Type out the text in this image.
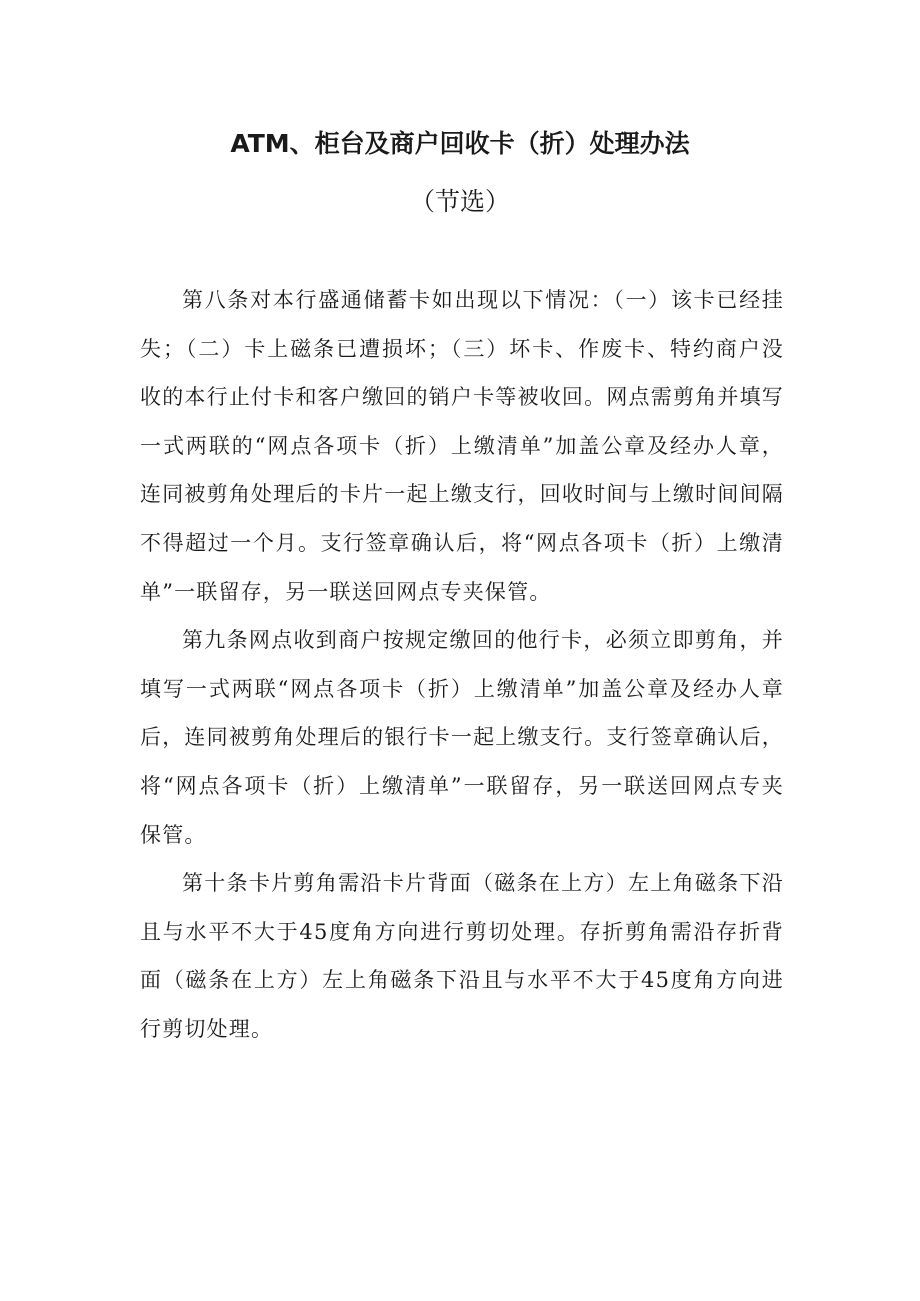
ATM、柜台及商户回收卡（折）处理办法
（节选）

第八条对本行盛通储蓄卡如出现以下情况：（一）该卡已经挂失；（二）卡上磁条已遭损坏；（三）坏卡、作废卡、特约商户没收的本行止付卡和客户缴回的销户卡等被收回。网点需剪角并填写一式两联的“网点各项卡（折）上缴清单”加盖公章及经办人章，连同被剪角处理后的卡片一起上缴支行，回收时间与上缴时间间隔不得超过一个月。支行签章确认后，将“网点各项卡（折）上缴清单”一联留存，另一联送回网点专夹保管。

第九条网点收到商户按规定缴回的他行卡，必须立即剪角，并填写一式两联“网点各项卡（折）上缴清单”加盖公章及经办人章后，连同被剪角处理后的银行卡一起上缴支行。支行签章确认后，将“网点各项卡（折）上缴清单”一联留存，另一联送回网点专夹保管。

第十条卡片剪角需沿卡片背面（磁条在上方）左上角磁条下沿且与水平不大于45度角方向进行剪切处理。存折剪角需沿存折背面（磁条在上方）左上角磁条下沿且与水平不大于45度角方向进行剪切处理。
